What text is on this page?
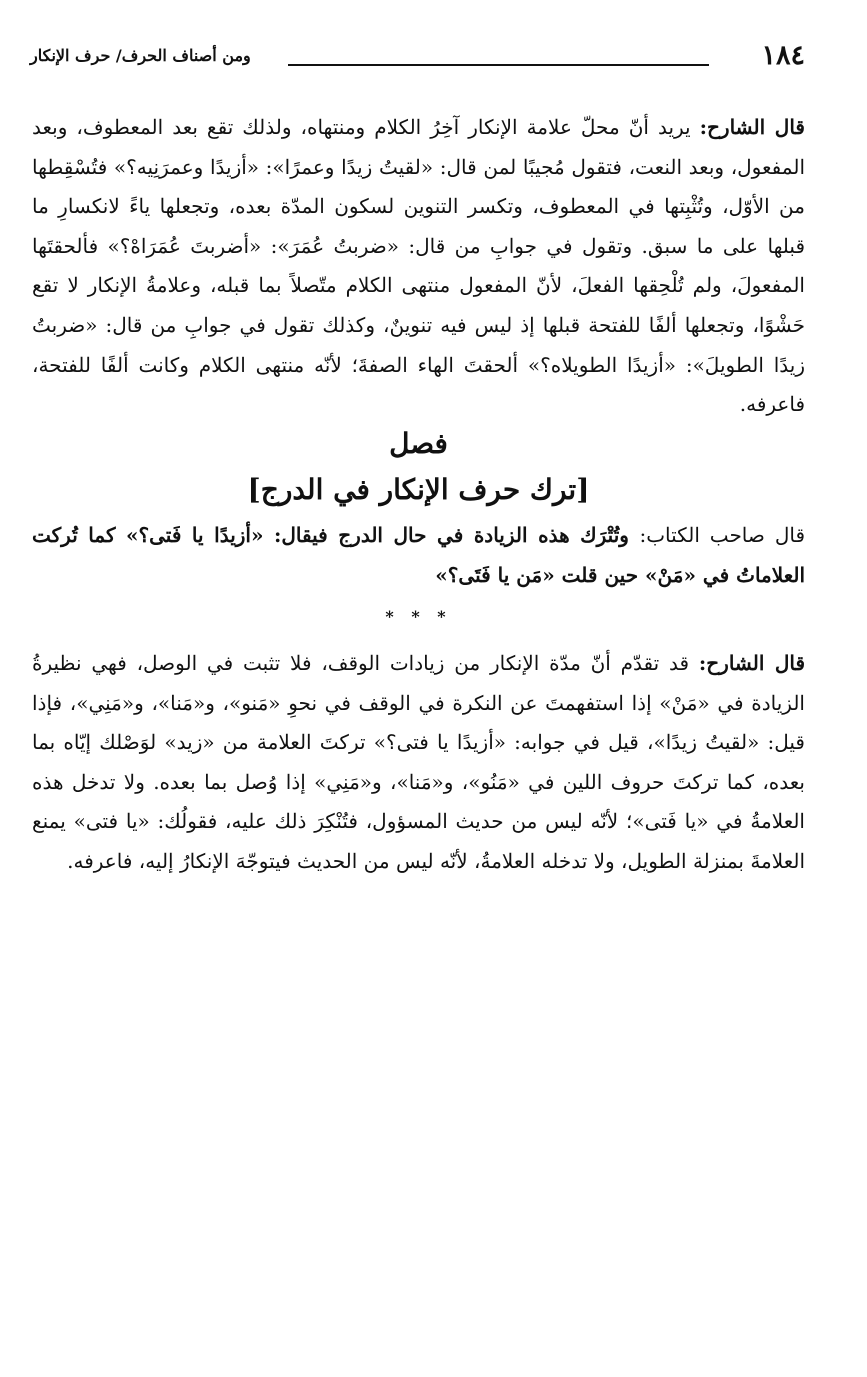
١٨٤
ومن أصناف الحرف/ حرف الإنكار

قال الشارح: يريد أنّ محلّ علامة الإنكار آخِرُ الكلام ومنتهاه، ولذلك تقع بعد المعطوف، وبعد المفعول، وبعد النعت، فتقول مُجيبًا لمن قال: «لقيتُ زيدًا وعمرًا»: «أزيدًا وعمرَنِيه؟» فتُسْقِطها من الأوّل، وتُثْبِتها في المعطوف، وتكسر التنوين لسكون المدّة بعده، وتجعلها ياءً لانكسارِ ما قبلها على ما سبق. وتقول في جوابِ من قال: «ضربتُ عُمَرَ»: «أضربتَ عُمَرَاهْ؟» فألحقتَها المفعولَ، ولم تُلْحِقها الفعلَ، لأنّ المفعول منتهى الكلام متّصلاً بما قبله، وعلامةُ الإنكار لا تقع حَشْوًا، وتجعلها ألفًا للفتحة قبلها إذ ليس فيه تنوينٌ، وكذلك تقول في جوابِ من قال: «ضربتُ زيدًا الطويلَ»: «أزيدًا الطويلاه؟» ألحقتَ الهاء الصفةَ؛ لأنّه منتهى الكلام وكانت ألفًا للفتحة، فاعرفه.

فصل
[ترك حرف الإنكار في الدرج]

قال صاحب الكتاب: وتُتْرَك هذه الزيادة في حال الدرج فيقال: «أزيدًا يا فَتى؟» كما تُركت العلاماتُ في «مَنْ» حين قلت «مَن يا فَتَى؟»

* * *

قال الشارح: قد تقدّم أنّ مدّة الإنكار من زيادات الوقف، فلا تثبت في الوصل، فهي نظيرةُ الزيادة في «مَنْ» إذا استفهمتَ عن النكرة في الوقف في نحوِ «مَنو»، و«مَنا»، و«مَنِي»، فإذا قيل: «لقيتُ زيدًا»، قيل في جوابه: «أزيدًا يا فتى؟» تركتَ العلامة من «زيد» لوَصْلك إيّاه بما بعده، كما تركتَ حروف اللين في «مَنُو»، و«مَنا»، و«مَنِي» إذا وُصل بما بعده. ولا تدخل هذه العلامةُ في «يا فَتى»؛ لأنّه ليس من حديث المسؤول، فتُنْكِرَ ذلك عليه، فقولُك: «يا فتى» يمنع العلامةَ بمنزلة الطويل، ولا تدخله العلامةُ، لأنّه ليس من الحديث فيتوجّهَ الإنكارُ إليه، فاعرفه.
